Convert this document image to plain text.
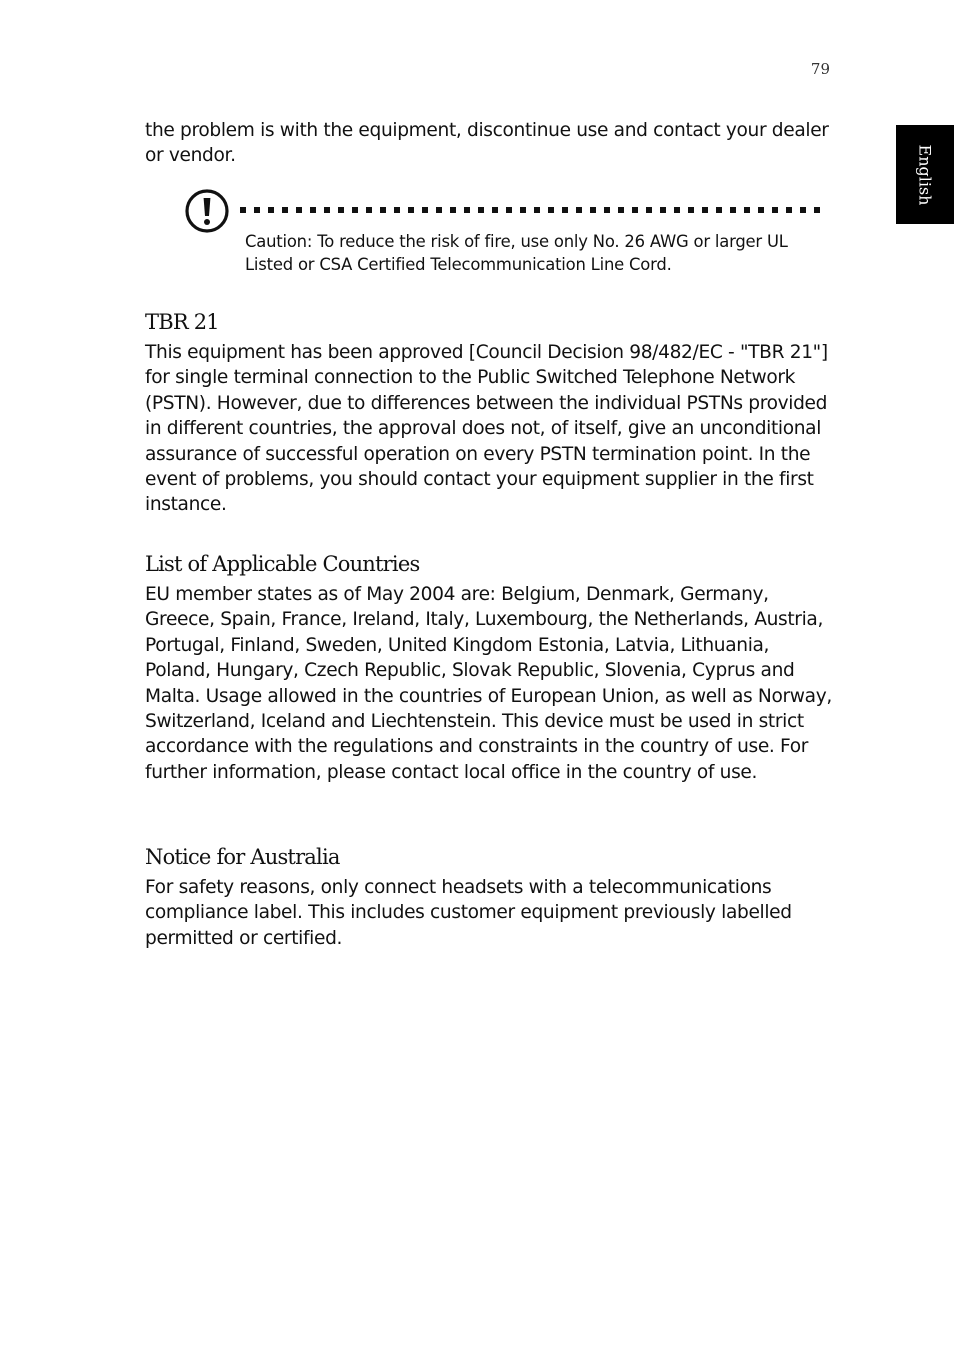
79
English

the problem is with the equipment, discontinue use and contact your dealer or vendor.

Caution: To reduce the risk of fire, use only No. 26 AWG or larger UL Listed or CSA Certified Telecommunication Line Cord.

TBR 21

This equipment has been approved [Council Decision 98/482/EC - "TBR 21"] for single terminal connection to the Public Switched Telephone Network (PSTN). However, due to differences between the individual PSTNs provided in different countries, the approval does not, of itself, give an unconditional assurance of successful operation on every PSTN termination point. In the event of problems, you should contact your equipment supplier in the first instance.

List of Applicable Countries

EU member states as of May 2004 are: Belgium, Denmark, Germany, Greece, Spain, France, Ireland, Italy, Luxembourg, the Netherlands, Austria, Portugal, Finland, Sweden, United Kingdom Estonia, Latvia, Lithuania, Poland, Hungary, Czech Republic, Slovak Republic, Slovenia, Cyprus and Malta. Usage allowed in the countries of European Union, as well as Norway, Switzerland, Iceland and Liechtenstein. This device must be used in strict accordance with the regulations and constraints in the country of use. For further information, please contact local office in the country of use.

Notice for Australia

For safety reasons, only connect headsets with a telecommunications compliance label. This includes customer equipment previously labelled permitted or certified.
